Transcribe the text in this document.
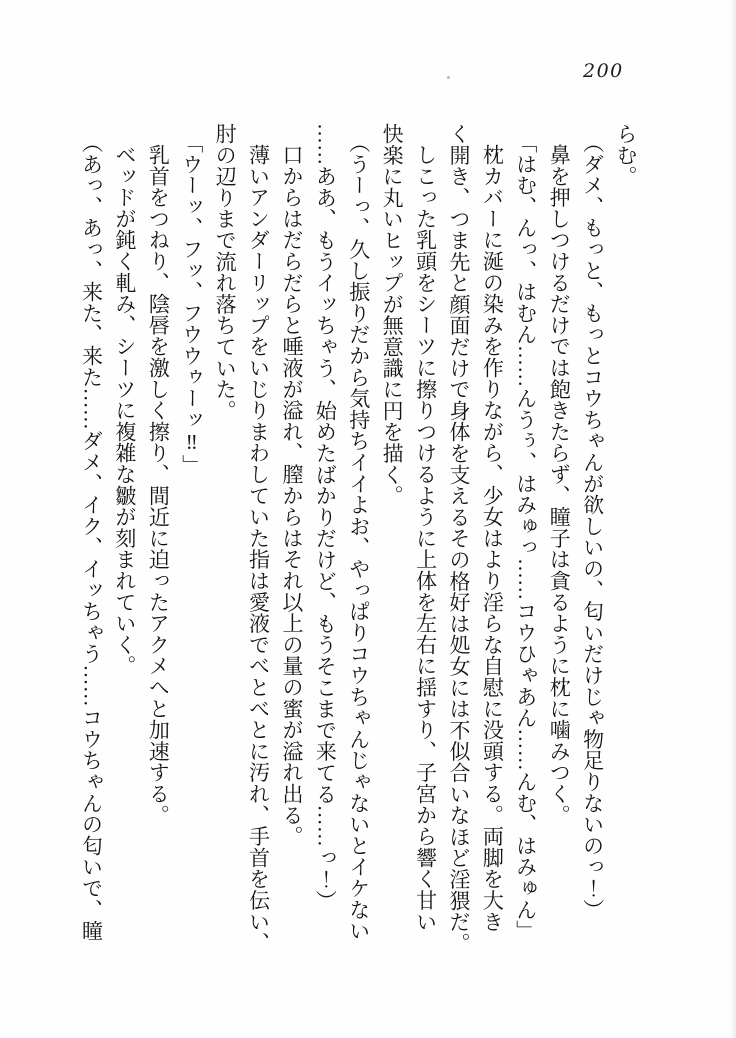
200

らむ。

（ダメ、もっと、もっとコウちゃんが欲しいの、匂いだけじゃ物足りないのっ！）

鼻を押しつけるだけでは飽きたらず、瞳子は貪るように枕に噛みつく。

「はむ、んっ、はむん……んうぅ、はみゅっ……コウひゃあん……んむ、はみゅん」

枕カバーに涎の染みを作りながら、少女はより淫らな自慰に没頭する。両脚を大き

く開き、つま先と顔面だけで身体を支えるその格好は処女には不似合いなほど淫猥だ。

しこった乳頭をシーツに擦りつけるように上体を左右に揺すり、子宮から響く甘い

快楽に丸いヒップが無意識に円を描く。

（うーっ、久し振りだから気持ちイイよお、やっぱりコウちゃんじゃないとイケない

……ああ、もうイッちゃう、始めたばかりだけど、もうそこまで来てる……っ！）

口からはだらだらと唾液が溢れ、膣からはそれ以上の量の蜜が溢れ出る。

薄いアンダーリップをいじりまわしていた指は愛液でべとべとに汚れ、手首を伝い、

肘の辺りまで流れ落ちていた。

「ウーッ、フッ、フウウゥーッ‼」

乳首をつねり、陰唇を激しく擦り、間近に迫ったアクメへと加速する。

ベッドが鈍く軋み、シーツに複雑な皺が刻まれていく。

（あっ、あっ、来た、来た……ダメ、イク、イッちゃう……コウちゃんの匂いで、瞳
